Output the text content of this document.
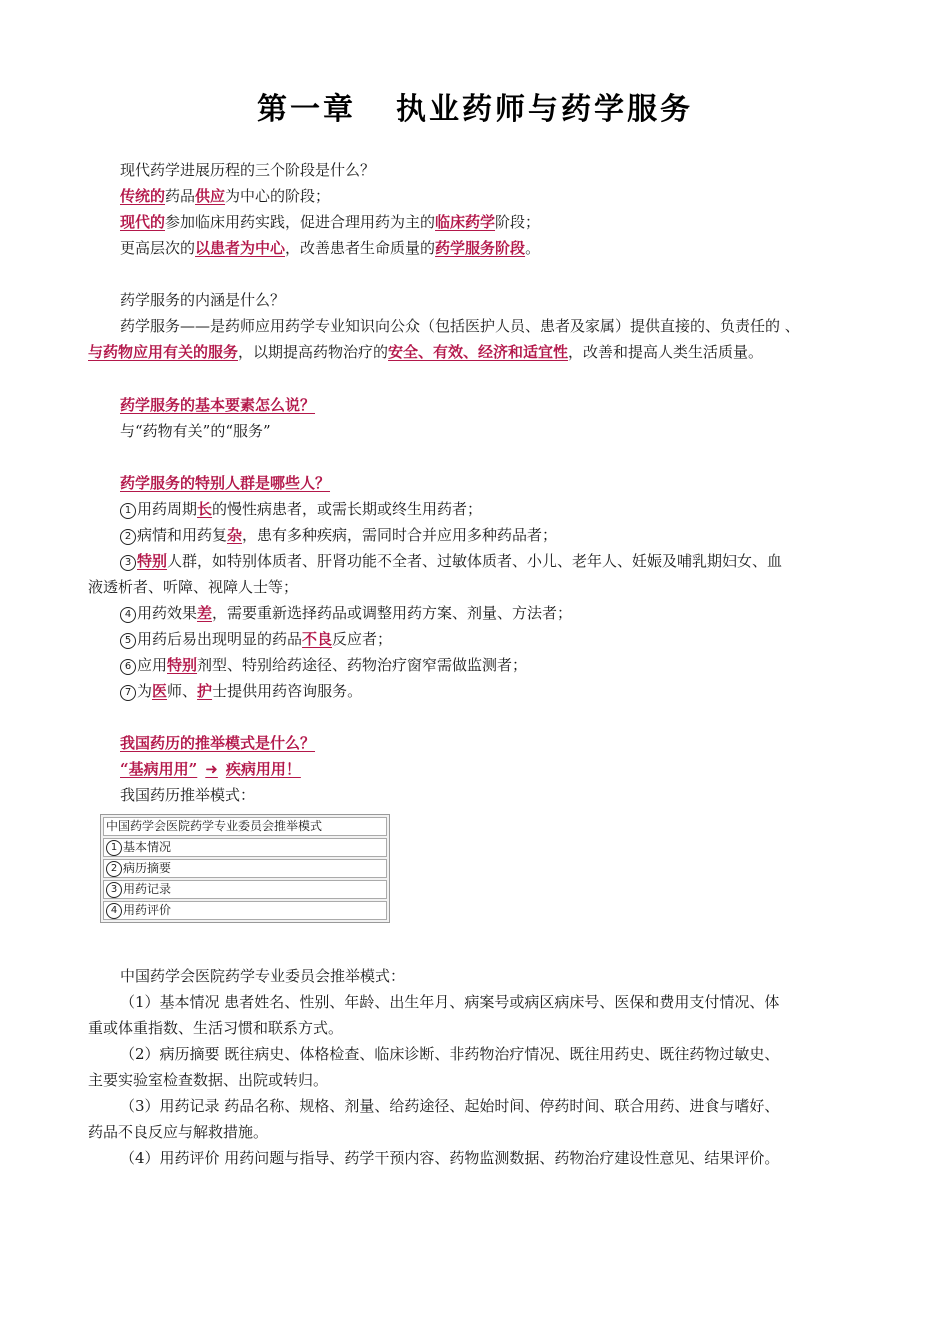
第一章 执业药师与药学服务
现代药学进展历程的三个阶段是什么？
传统的药品供应为中心的阶段；
现代的参加临床用药实践，促进合理用药为主的临床药学阶段；
更高层次的以患者为中心，改善患者生命质量的药学服务阶段。
药学服务的内涵是什么？
药学服务——是药师应用药学专业知识向公众（包括医护人员、患者及家属）提供直接的、负责任的 、
与药物应用有关的服务，以期提高药物治疗的安全、有效、经济和适宜性，改善和提高人类生活质量。
药学服务的基本要素怎么说？
与“药物有关”的“服务”
药学服务的特别人群是哪些人？
1 用药周期长的慢性病患者，或需长期或终生用药者；
2 病情和用药复杂，患有多种疾病，需同时合并应用多种药品者；
3 特别人群，如特别体质者、肝肾功能不全者、过敏体质者、小儿、老年人、妊娠及哺乳期妇女、血
液透析者、听障、视障人士等；
4 用药效果差，需要重新选择药品或调整用药方案、剂量、方法者；
5 用药后易出现明显的药品不良反应者；
6 应用特别剂型、特别给药途径、药物治疗窗窄需做监测者；
7 为医师、护士提供用药咨询服务。
我国药历的推举模式是什么？
“基病用用” ➜ 疾病用用！
我国药历推举模式：
中国药学会医院药学专业委员会推举模式
1 基本情况
2 病历摘要
3 用药记录
4 用药评价
中国药学会医院药学专业委员会推举模式：
（1）基本情况 患者姓名、性别、年龄、出生年月、病案号或病区病床号、医保和费用支付情况、体
重或体重指数、生活习惯和联系方式。
（2）病历摘要 既往病史、体格检查、临床诊断、非药物治疗情况、既往用药史、既往药物过敏史、
主要实验室检查数据、出院或转归。
（3）用药记录 药品名称、规格、剂量、给药途径、起始时间、停药时间、联合用药、进食与嗜好、
药品不良反应与解救措施。
（4）用药评价 用药问题与指导、药学干预内容、药物监测数据、药物治疗建设性意见、结果评价。
